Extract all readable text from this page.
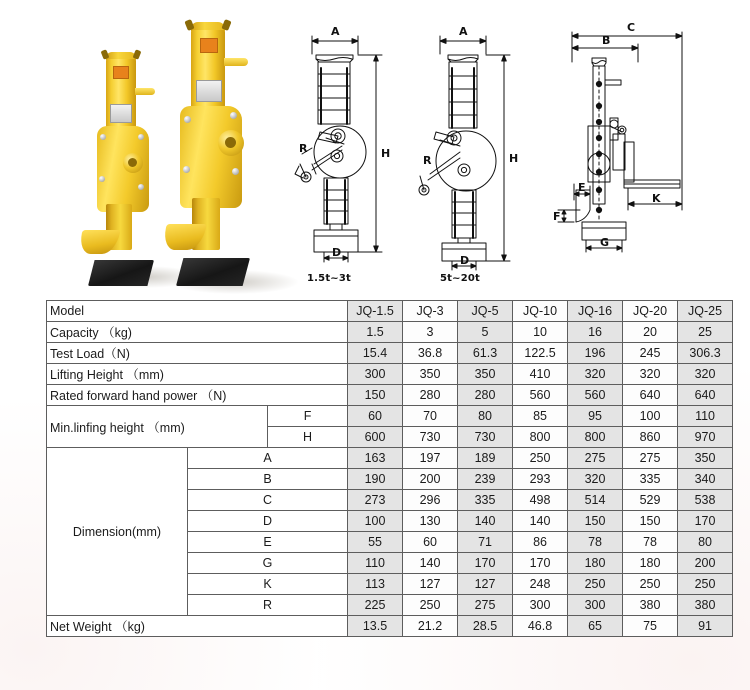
A
H
R
D
A
H
R
D
C
B
E
F
G
K
1.5t~3t	5t~20t
Model			JQ-1.5	JQ-3	JQ-5	JQ-10	JQ-16	JQ-20	JQ-25
Capacity （kg)			1.5	3	5	10	16	20	25
Test Load（N)			15.4	36.8	61.3	122.5	196	245	306.3
Lifting Height （mm)			300	350	350	410	320	320	320
Rated forward hand power （N)			150	280	280	560	560	640	640
Min.linfing height （mm)		F	60	70	80	85	95	100	110
		H	600	730	730	800	800	860	970
Dimension(mm)	A		163	197	189	250	275	275	350
	B		190	200	239	293	320	335	340
	C		273	296	335	498	514	529	538
	D		100	130	140	140	150	150	170
	E		55	60	71	86	78	78	80
	G		110	140	170	170	180	180	200
	K		113	127	127	248	250	250	250
	R		225	250	275	300	300	380	380
Net Weight （kg)			13.5	21.2	28.5	46.8	65	75	91
